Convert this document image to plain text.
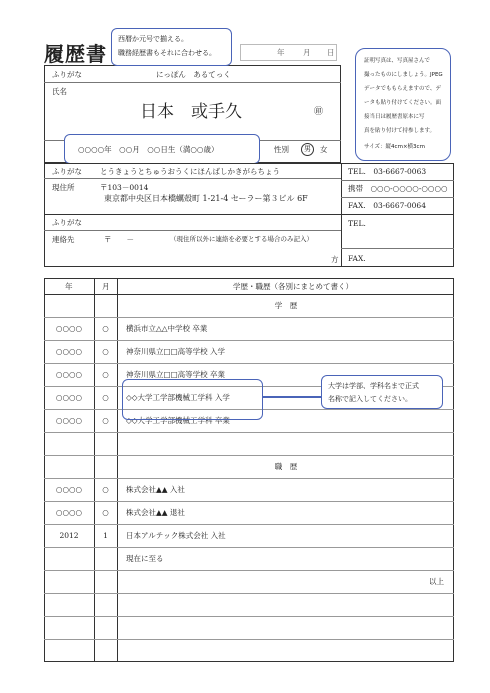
履歴書	年 月 日
ふりがな	にっぽん　あるてっく
氏名
日本　或手久	㊞
性別	男	女
○○○○年　○○月　○○日生（満○○歳）
ふりがな とうきょうとちゅうおうくにほんばしかきがらちょう
現住所	〒103－0014
東京都中央区日本橋蠣殻町 1-21-4 セーラー第３ビル 6F
TEL.　03-6667-0063
携帯　○○○-○○○○-○○○○
FAX.　03-6667-0064
ふりがな
連絡先	〒　　－	（現住所以外に連絡を必要とする場合のみ記入）
TEL.
FAX.
方
年	月	学歴・職歴（各別にまとめて書く）
学　歴
○○○○	○	横浜市立△△中学校 卒業
○○○○	○	神奈川県立□□高等学校 入学
○○○○	○	神奈川県立□□高等学校 卒業
○○○○	○	◇◇大学工学部機械工学科 入学
○○○○	○	◇◇大学工学部機械工学科 卒業
職　歴
○○○○	○	株式会社▲▲ 入社
○○○○	○	株式会社▲▲ 退社
2012	1	日本アルテック株式会社 入社
現在に至る
以上
西暦か元号で揃える。
職務経歴書もそれに合わせる。
証明写真は、写真屋さんで
撮ったものにしましょう。JPEG
データでももらえますので、デ
ータも貼り付けてください。面
接当日は履歴書原本に写
真を貼り付けて持参します。
サイズ：縦4cm×横3cm
大学は学部、学科名まで正式
名称で記入してください。
